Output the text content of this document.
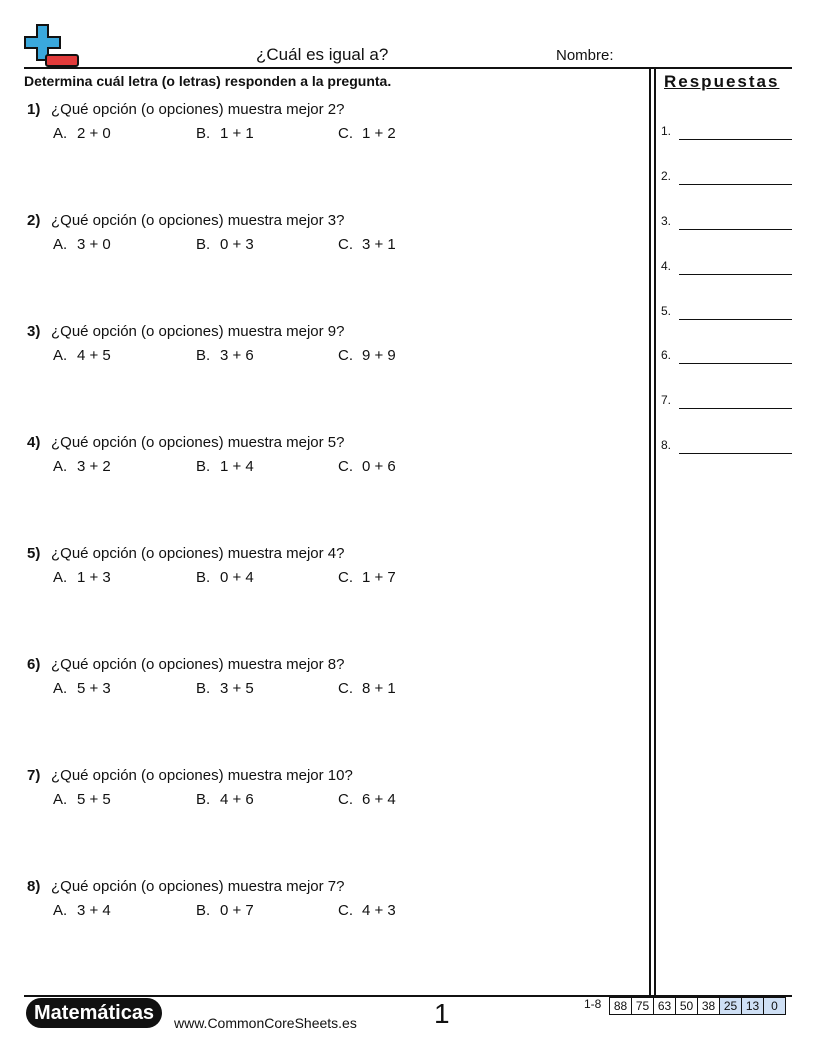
¿Cuál es igual a?	Nombre:
Determina cuál letra (o letras) responden a la pregunta.
1) ¿Qué opción (o opciones) muestra mejor 2?
A. 2 + 0	B. 1 + 1	C. 1 + 2
2) ¿Qué opción (o opciones) muestra mejor 3?
A. 3 + 0	B. 0 + 3	C. 3 + 1
3) ¿Qué opción (o opciones) muestra mejor 9?
A. 4 + 5	B. 3 + 6	C. 9 + 9
4) ¿Qué opción (o opciones) muestra mejor 5?
A. 3 + 2	B. 1 + 4	C. 0 + 6
5) ¿Qué opción (o opciones) muestra mejor 4?
A. 1 + 3	B. 0 + 4	C. 1 + 7
6) ¿Qué opción (o opciones) muestra mejor 8?
A. 5 + 3	B. 3 + 5	C. 8 + 1
7) ¿Qué opción (o opciones) muestra mejor 10?
A. 5 + 5	B. 4 + 6	C. 6 + 4
8) ¿Qué opción (o opciones) muestra mejor 7?
A. 3 + 4	B. 0 + 7	C. 4 + 3
Respuestas
1.
2.
3.
4.
5.
6.
7.
8.
Matemáticas	www.CommonCoreSheets.es	1	1-8	88 75 63 50 38 25 13 0
